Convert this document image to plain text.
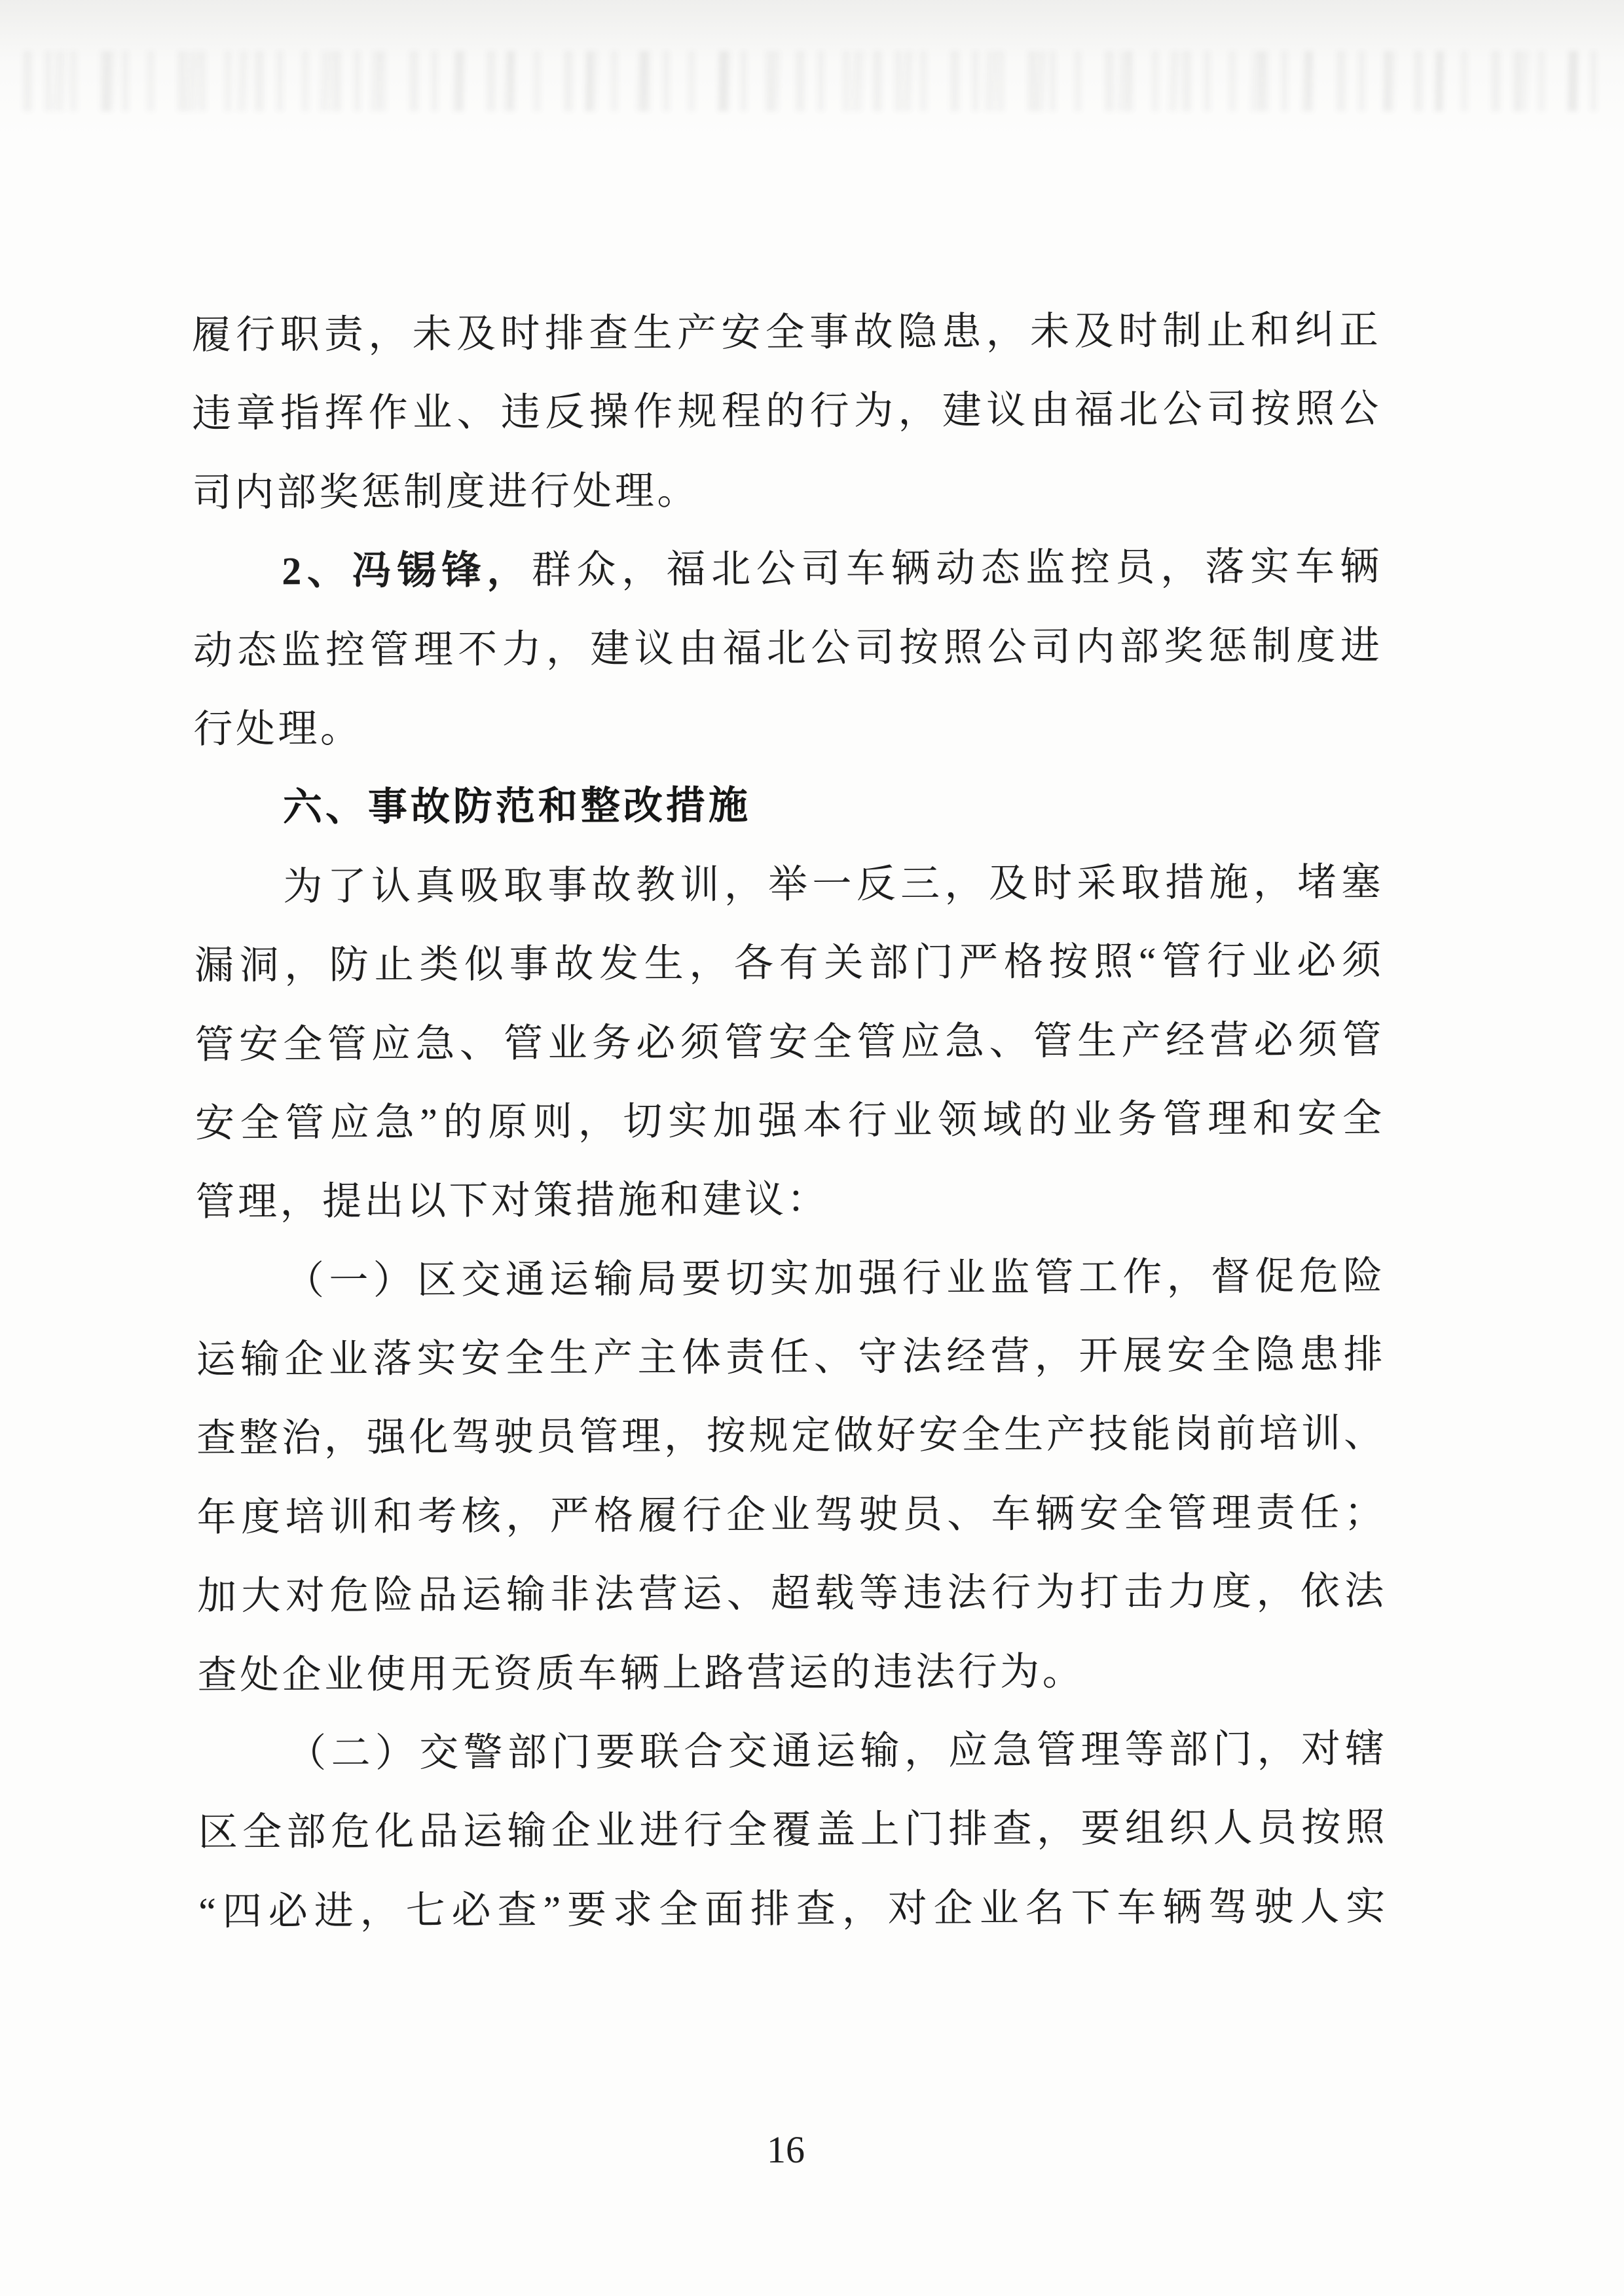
履行职责，未及时排查生产安全事故隐患，未及时制止和纠正
违章指挥作业、违反操作规程的行为，建议由福北公司按照公
司内部奖惩制度进行处理。
2、冯锡锋，群众，福北公司车辆动态监控员，落实车辆
动态监控管理不力，建议由福北公司按照公司内部奖惩制度进
行处理。
六、事故防范和整改措施
为了认真吸取事故教训，举一反三，及时采取措施，堵塞
漏洞，防止类似事故发生，各有关部门严格按照“管行业必须
管安全管应急、管业务必须管安全管应急、管生产经营必须管
安全管应急”的原则，切实加强本行业领域的业务管理和安全
管理，提出以下对策措施和建议：
（一）区交通运输局要切实加强行业监管工作，督促危险
运输企业落实安全生产主体责任、守法经营，开展安全隐患排
查整治，强化驾驶员管理，按规定做好安全生产技能岗前培训、
年度培训和考核，严格履行企业驾驶员、车辆安全管理责任；
加大对危险品运输非法营运、超载等违法行为打击力度，依法
查处企业使用无资质车辆上路营运的违法行为。
（二）交警部门要联合交通运输，应急管理等部门，对辖
区全部危化品运输企业进行全覆盖上门排查，要组织人员按照
“四必进，七必查”要求全面排查，对企业名下车辆驾驶人实
16
